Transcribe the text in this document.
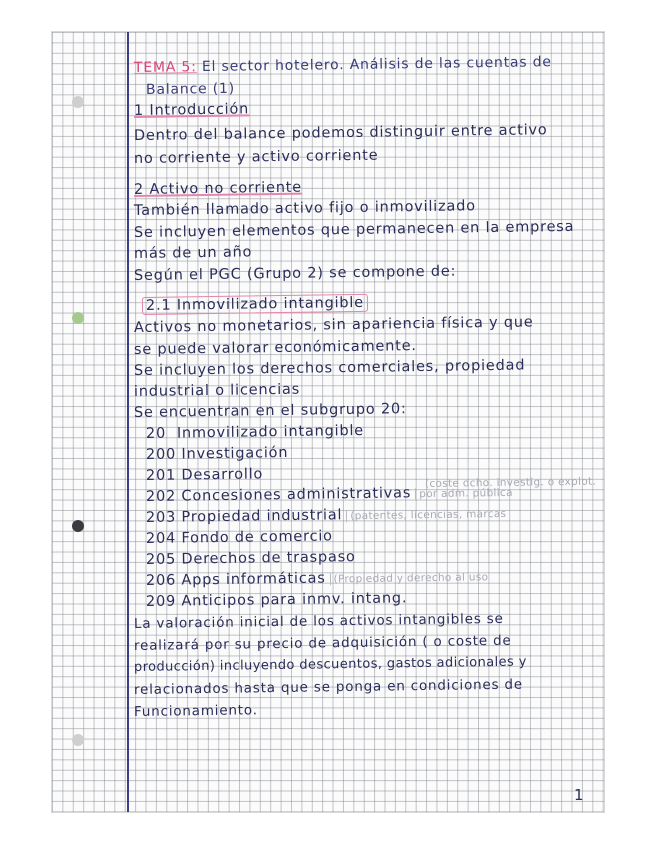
TEMA 5: El sector hotelero. Análisis de las cuentas de

Balance (1)

1 Introducción

Dentro del balance podemos distinguir entre activo

no corriente y activo corriente

2 Activo no corriente

También llamado activo fijo o inmovilizado

Se incluyen elementos que permanecen en la empresa

más de un año

Según el PGC (Grupo 2) se compone de:

2.1 Inmovilizado intangible

Activos no monetarios, sin apariencia física y que

se puede valorar económicamente.

Se incluyen los derechos comerciales, propiedad

industrial o licencias

Se encuentran en el subgrupo 20:

20 Inmovilizado intangible

200 Investigación

201 Desarrollo	(coste dcho. investig. o explot.

202 Concesiones administrativas por adm. pública

203 Propiedad industrial (patentes, licencias, marcas

204 Fondo de comercio

205 Derechos de traspaso

206 Apps informáticas (Propiedad y derecho al uso

209 Anticipos para inmv. intang.

La valoración inicial de los activos intangibles se

realizará por su precio de adquisición ( o coste de

producción) incluyendo descuentos, gastos adicionales y

relacionados hasta que se ponga en condiciones de

Funcionamiento.

1
